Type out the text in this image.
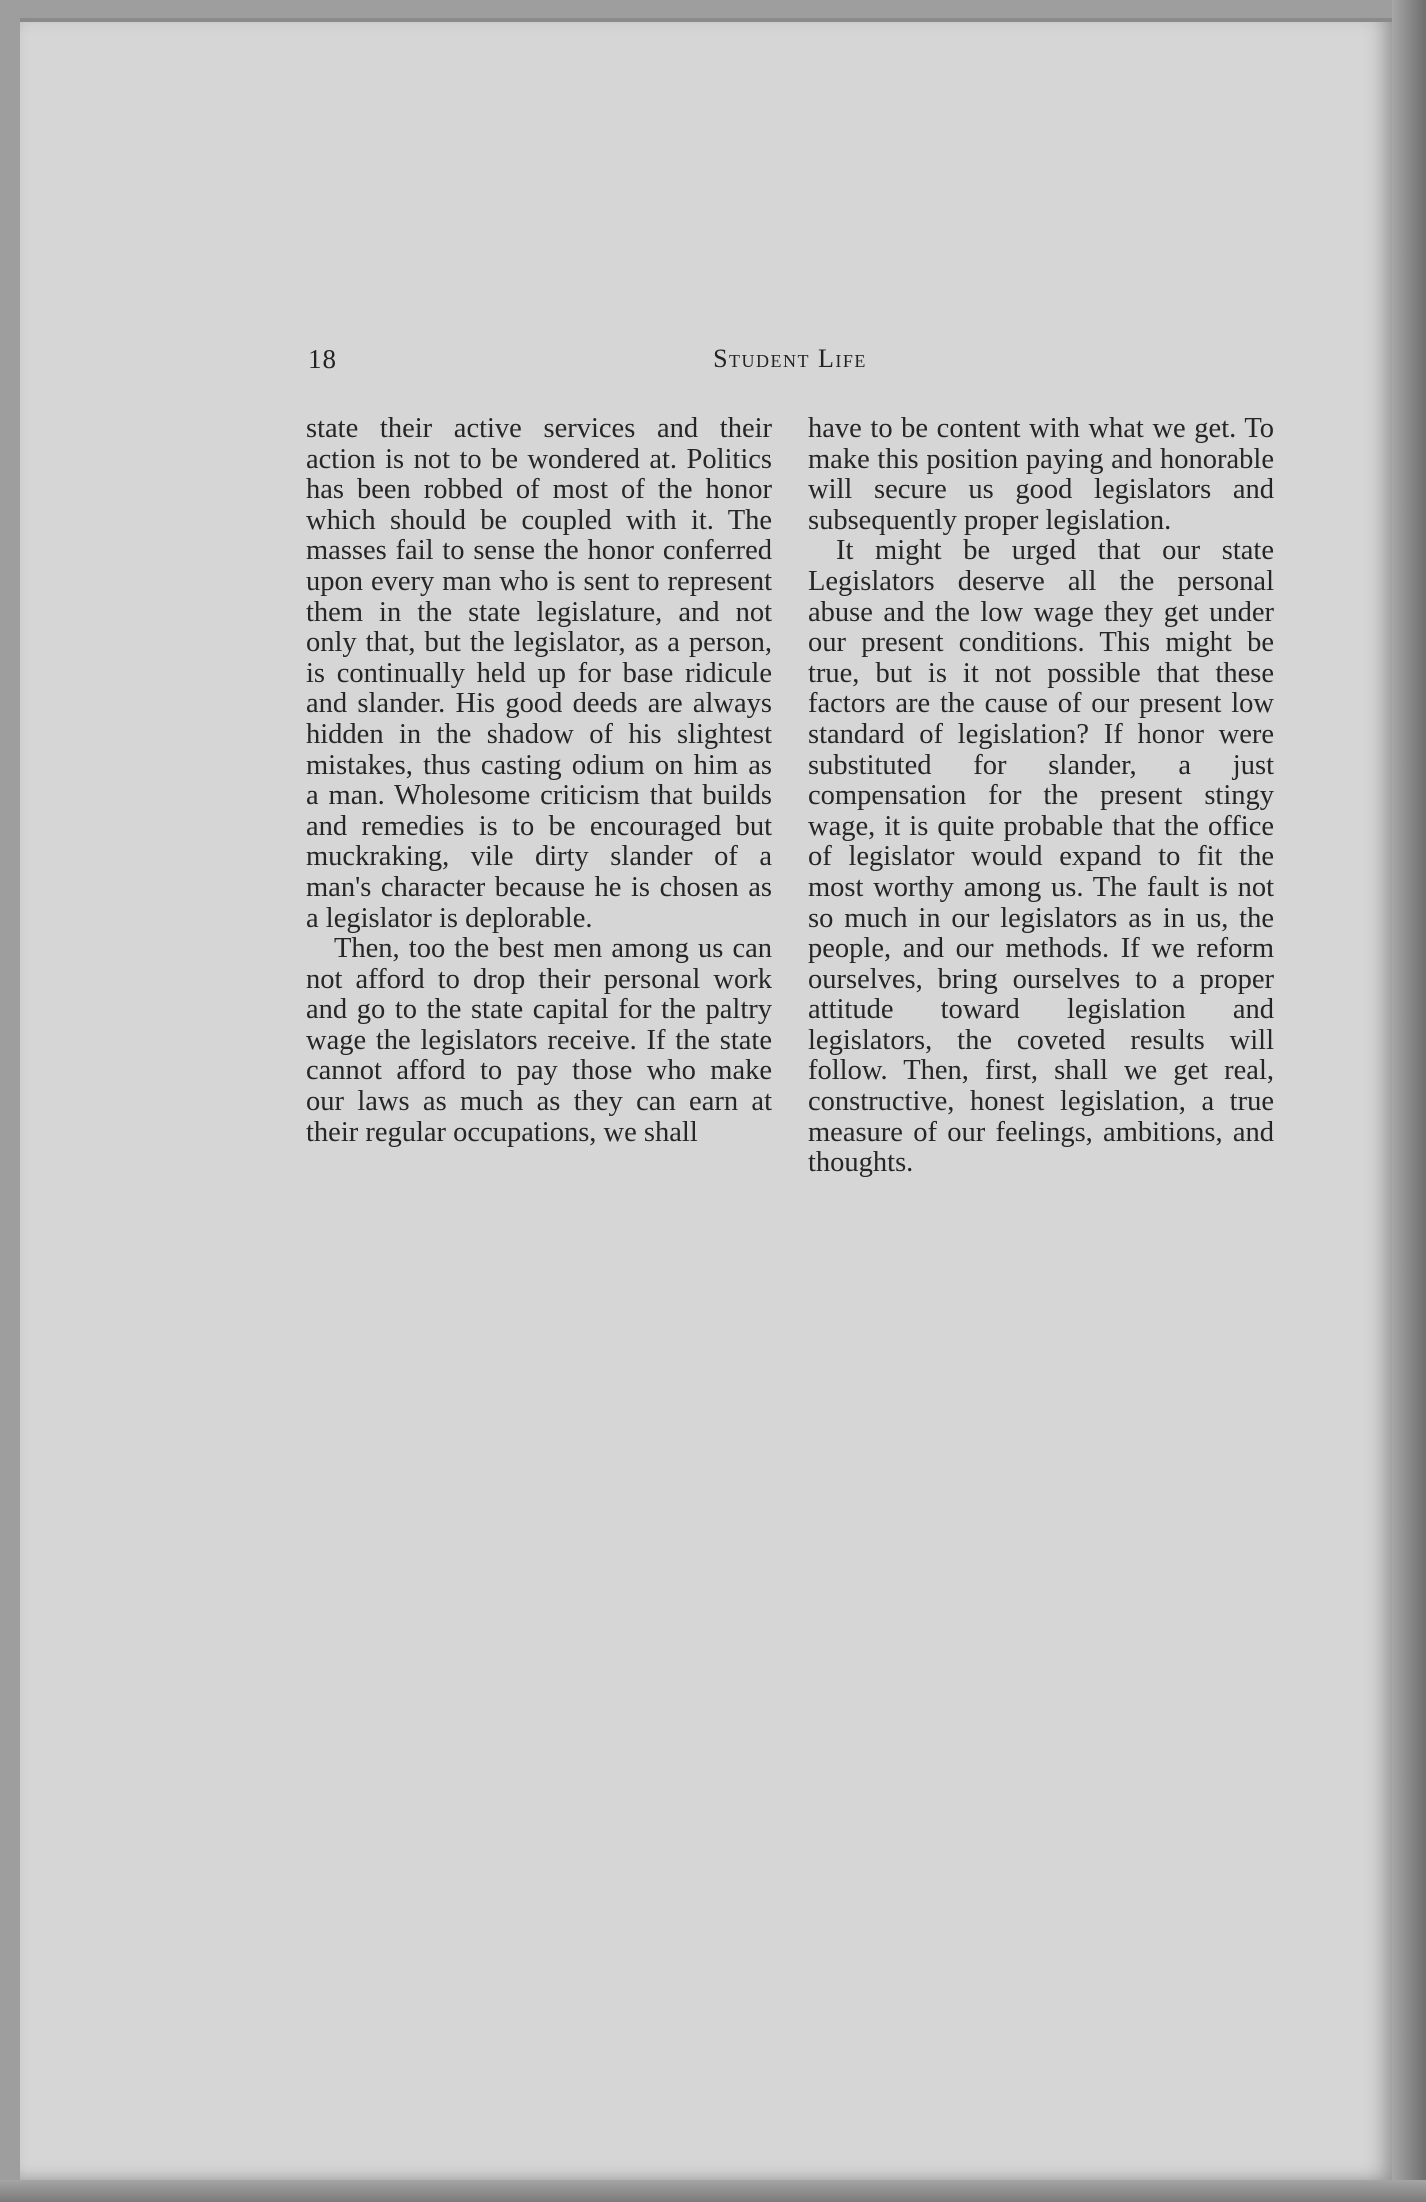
18	Student Life

state their active services and their action is not to be wondered at. Politics has been robbed of most of the honor which should be coupled with it. The masses fail to sense the honor conferred upon every man who is sent to represent them in the state legislature, and not only that, but the legislator, as a person, is continually held up for base ridicule and slander. His good deeds are always hidden in the shadow of his slightest mistakes, thus casting odium on him as a man. Wholesome criticism that builds and remedies is to be encouraged but muckraking, vile dirty slander of a man's character because he is chosen as a legislator is deplorable.

Then, too the best men among us can not afford to drop their personal work and go to the state capital for the paltry wage the legislators receive. If the state cannot afford to pay those who make our laws as much as they can earn at their regular occupations, we shall

have to be content with what we get. To make this position paying and honorable will secure us good legislators and subsequently proper legislation.

It might be urged that our state Legislators deserve all the personal abuse and the low wage they get under our present conditions. This might be true, but is it not possible that these factors are the cause of our present low standard of legislation? If honor were substituted for slander, a just compensation for the present stingy wage, it is quite probable that the office of legislator would expand to fit the most worthy among us. The fault is not so much in our legislators as in us, the people, and our methods. If we reform ourselves, bring ourselves to a proper attitude toward legislation and legislators, the coveted results will follow. Then, first, shall we get real, constructive, honest legislation, a true measure of our feelings, ambitions, and thoughts.
